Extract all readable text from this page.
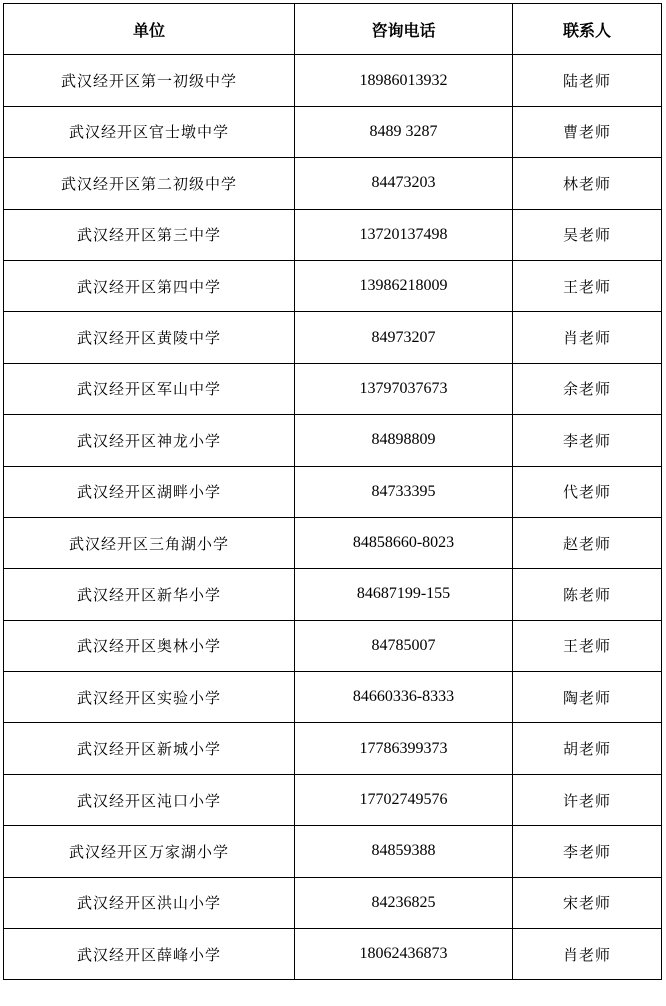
单位	咨询电话	联系人
武汉经开区第一初级中学	18986013932	陆老师
武汉经开区官士墩中学	8489 3287	曹老师
武汉经开区第二初级中学	84473203	林老师
武汉经开区第三中学	13720137498	吴老师
武汉经开区第四中学	13986218009	王老师
武汉经开区黄陵中学	84973207	肖老师
武汉经开区军山中学	13797037673	余老师
武汉经开区神龙小学	84898809	李老师
武汉经开区湖畔小学	84733395	代老师
武汉经开区三角湖小学	84858660-8023	赵老师
武汉经开区新华小学	84687199-155	陈老师
武汉经开区奥林小学	84785007	王老师
武汉经开区实验小学	84660336-8333	陶老师
武汉经开区新城小学	17786399373	胡老师
武汉经开区沌口小学	17702749576	许老师
武汉经开区万家湖小学	84859388	李老师
武汉经开区洪山小学	84236825	宋老师
武汉经开区薛峰小学	18062436873	肖老师
